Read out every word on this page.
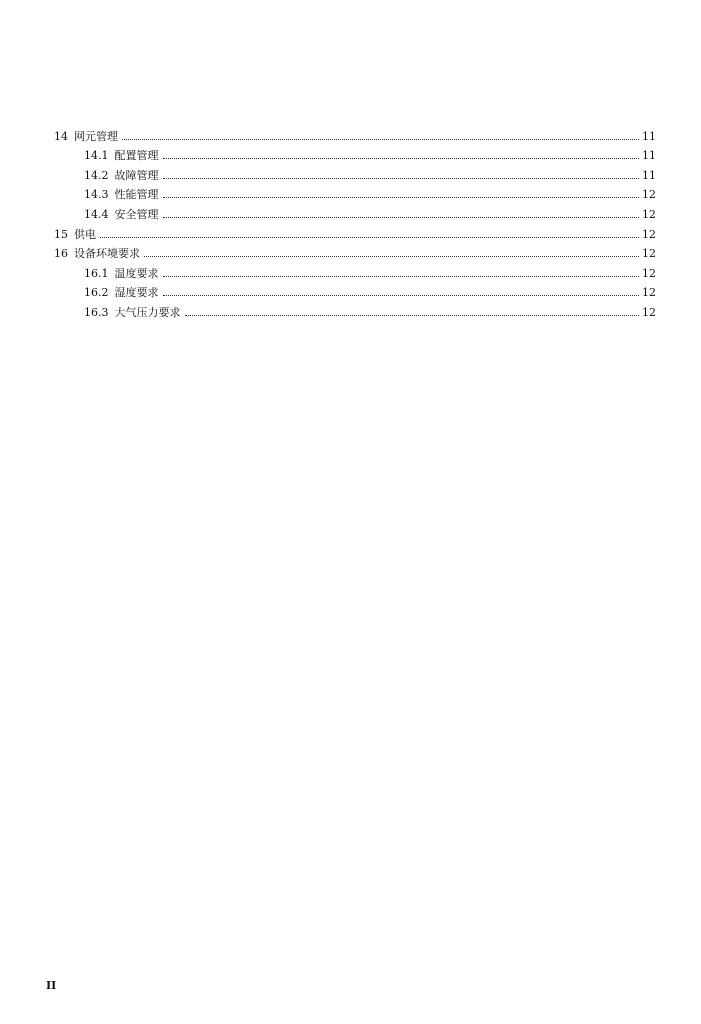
14 网元管理	11
14.1 配置管理	11
14.2 故障管理	11
14.3 性能管理	12
14.4 安全管理	12
15 供电	12
16 设备环境要求	12
16.1 温度要求	12
16.2 湿度要求	12
16.3 大气压力要求	12
II
